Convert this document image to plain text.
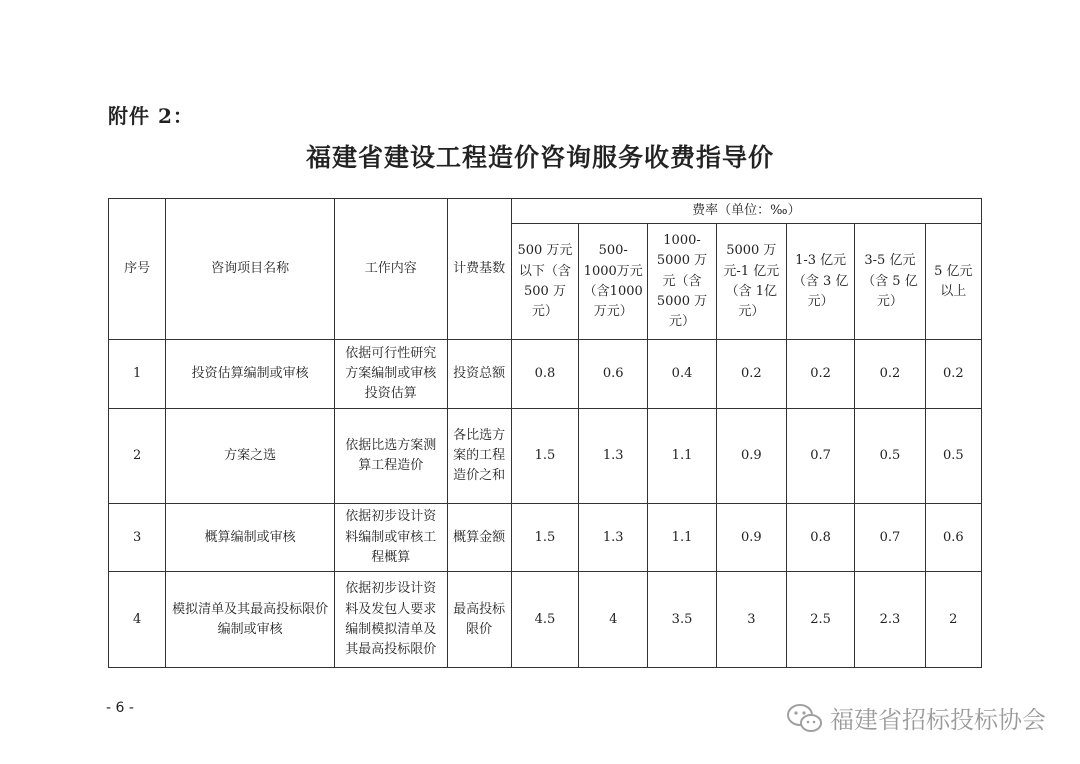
附件 2：
福建省建设工程造价咨询服务收费指导价
序号	咨询项目名称	工作内容	计费基数	费率（单位：‰）						
				500 万元以下（含500 万元）	500-1000万元（含1000 万元）	1000-5000 万元（含5000 万元）	5000 万元-1 亿元（含 1亿元）	1-3 亿元（含 3 亿元）	3-5 亿元（含 5 亿元）	5 亿元以上
1	投资估算编制或审核	依据可行性研究方案编制或审核投资估算	投资总额	0.8	0.6	0.4	0.2	0.2	0.2	0.2
2	方案之选	依据比选方案测算工程造价	各比选方案的工程造价之和	1.5	1.3	1.1	0.9	0.7	0.5	0.5
3	概算编制或审核	依据初步设计资料编制或审核工程概算	概算金额	1.5	1.3	1.1	0.9	0.8	0.7	0.6
4	模拟清单及其最高投标限价编制或审核	依据初步设计资料及发包人要求编制模拟清单及其最高投标限价	最高投标限价	4.5	4	3.5	3	2.5	2.3	2
- 6 -	福建省招标投标协会
